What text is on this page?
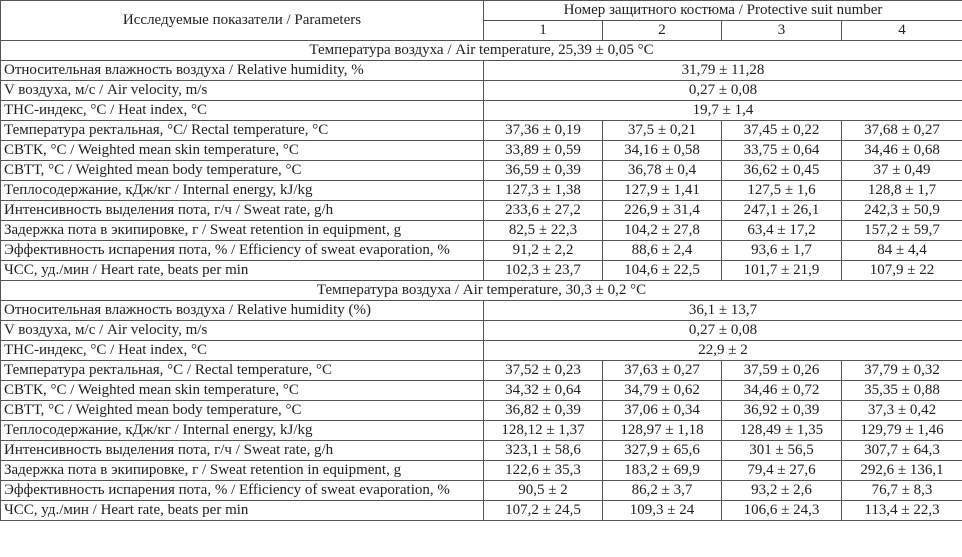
Исследуемые показатели / Parameters	Номер защитного костюма / Protective suit number			
	1	2	3	4
Температура воздуха / Air temperature, 25,39 ± 0,05 °C				
Относительная влажность воздуха / Relative humidity, %	31,79 ± 11,28			
V воздуха, м/с / Air velocity, m/s	0,27 ± 0,08			
ТНС-индекс, °C / Heat index, °C	19,7 ± 1,4			
Температура ректальная, °C/ Rectal temperature, °C	37,36 ± 0,19	37,5 ± 0,21	37,45 ± 0,22	37,68 ± 0,27
СВТК, °C / Weighted mean skin temperature, °C	33,89 ± 0,59	34,16 ± 0,58	33,75 ± 0,64	34,46 ± 0,68
СВТТ, °C / Weighted mean body temperature, °C	36,59 ± 0,39	36,78 ± 0,4	36,62 ± 0,45	37 ± 0,49
Теплосодержание, кДж/кг / Internal energy, kJ/kg	127,3 ± 1,38	127,9 ± 1,41	127,5 ± 1,6	128,8 ± 1,7
Интенсивность выделения пота, г/ч / Sweat rate, g/h	233,6 ± 27,2	226,9 ± 31,4	247,1 ± 26,1	242,3 ± 50,9
Задержка пота в экипировке, г / Sweat retention in equipment, g	82,5 ± 22,3	104,2 ± 27,8	63,4 ± 17,2	157,2 ± 59,7
Эффективность испарения пота, % / Efficiency of sweat evaporation, %	91,2 ± 2,2	88,6 ± 2,4	93,6 ± 1,7	84 ± 4,4
ЧСС, уд./мин / Heart rate, beats per min	102,3 ± 23,7	104,6 ± 22,5	101,7 ± 21,9	107,9 ± 22
Температура воздуха / Air temperature, 30,3 ± 0,2 °C				
Относительная влажность воздуха / Relative humidity (%)	36,1 ± 13,7			
V воздуха, м/с / Air velocity, m/s	0,27 ± 0,08			
ТНС-индекс, °C / Heat index, °C	22,9 ± 2			
Температура ректальная, °C / Rectal temperature, °C	37,52 ± 0,23	37,63 ± 0,27	37,59 ± 0,26	37,79 ± 0,32
СВТК, °C / Weighted mean skin temperature, °C	34,32 ± 0,64	34,79 ± 0,62	34,46 ± 0,72	35,35 ± 0,88
СВТТ, °C / Weighted mean body temperature, °C	36,82 ± 0,39	37,06 ± 0,34	36,92 ± 0,39	37,3 ± 0,42
Теплосодержание, кДж/кг / Internal energy, kJ/kg	128,12 ± 1,37	128,97 ± 1,18	128,49 ± 1,35	129,79 ± 1,46
Интенсивность выделения пота, г/ч / Sweat rate, g/h	323,1 ± 58,6	327,9 ± 65,6	301 ± 56,5	307,7 ± 64,3
Задержка пота в экипировке, г / Sweat retention in equipment, g	122,6 ± 35,3	183,2 ± 69,9	79,4 ± 27,6	292,6 ± 136,1
Эффективность испарения пота, % / Efficiency of sweat evaporation, %	90,5 ± 2	86,2 ± 3,7	93,2 ± 2,6	76,7 ± 8,3
ЧСС, уд./мин / Heart rate, beats per min	107,2 ± 24,5	109,3 ± 24	106,6 ± 24,3	113,4 ± 22,3
